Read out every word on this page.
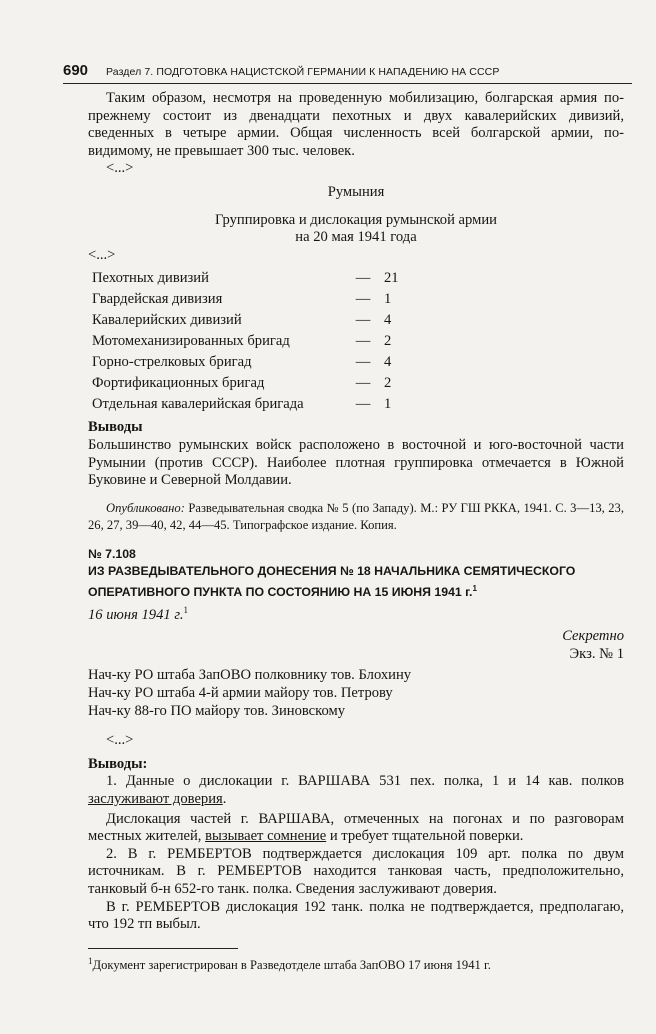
690 Раздел 7. ПОДГОТОВКА НАЦИСТСКОЙ ГЕРМАНИИ К НАПАДЕНИЮ НА СССР

Таким образом, несмотря на проведенную мобилизацию, болгарская армия по-прежнему состоит из двенадцати пехотных и двух кавалерийских дивизий, сведенных в четыре армии. Общая численность всей болгарской армии, по-видимому, не превышает 300 тыс. человек.

<...>

Румыния

Группировка и дислокация румынской армии

на 20 мая 1941 года

<...>

Пехотных дивизий	— 21
Гвардейская дивизия	— 1
Кавалерийских дивизий	— 4
Мотомеханизированных бригад	— 2
Горно-стрелковых бригад	— 4
Фортификационных бригад	— 2
Отдельная кавалерийская бригада	— 1

Выводы

Большинство румынских войск расположено в восточной и юго-восточной части Румынии (против СССР). Наиболее плотная группировка отмечается в Южной Буковине и Северной Молдавии.

Опубликовано: Разведывательная сводка № 5 (по Западу). М.: РУ ГШ РККА, 1941. С. 3—13, 23, 26, 27, 39—40, 42, 44—45. Типографское издание. Копия.

№ 7.108

ИЗ РАЗВЕДЫВАТЕЛЬНОГО ДОНЕСЕНИЯ № 18 НАЧАЛЬНИКА СЕМЯТИЧЕСКОГО ОПЕРАТИВНОГО ПУНКТА ПО СОСТОЯНИЮ НА 15 ИЮНЯ 1941 г.$^1$

16 июня 1941 г.$^1$

Секретно

Экз. № 1

Нач-ку РО штаба ЗапОВО полковнику тов. Блохину

Нач-ку РО штаба 4-й армии майору тов. Петрову

Нач-ку 88-го ПО майору тов. Зиновскому

<...>

Выводы:

1. Данные о дислокации г. ВАРШАВА 531 пех. полка, 1 и 14 кав. полков заслуживают доверия.

Дислокация частей г. ВАРШАВА, отмеченных на погонах и по разговорам местных жителей, вызывает сомнение и требует тщательной поверки.

2. В г. РЕМБЕРТОВ подтверждается дислокация 109 арт. полка по двум источникам. В г. РЕМБЕРТОВ находится танковая часть, предположительно, танковый б-н 652-го танк. полка. Сведения заслуживают доверия.

В г. РЕМБЕРТОВ дислокация 192 танк. полка не подтверждается, предполагаю, что 192 тп выбыл.

$^1$Документ зарегистрирован в Разведотделе штаба ЗапОВО 17 июня 1941 г.
